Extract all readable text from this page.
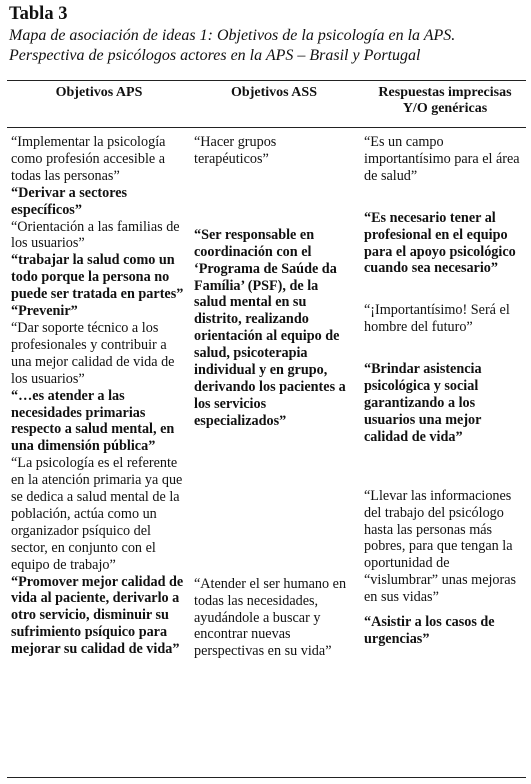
Tabla 3
Mapa de asociación de ideas 1: Objetivos de la psicología en la APS.
Perspectiva de psicólogos actores en la APS – Brasil y Portugal
Objetivos APS	Objetivos ASS	Respuestas imprecisas
Y/O genéricas

“Implementar la psicología como profesión accesible a todas las personas”

“Derivar a sectores específicos”

“Orientación a las familias de los usuarios”

“trabajar la salud como un todo porque la persona no puede ser tratada en partes”

“Prevenir”

“Dar soporte técnico a los profesionales y contribuir a una mejor calidad de vida de los usuarios”

“…es atender a las necesidades primarias respecto a salud mental, en una dimensión pública”

“La psicología es el referente en la atención primaria ya que se dedica a salud mental de la población, actúa como un organizador psíquico del sector, en conjunto con el equipo de trabajo”

“Promover mejor calidad de vida al paciente, derivarlo a otro servicio, disminuir su sufrimiento psíquico para mejorar su calidad de vida”

“Hacer grupos terapéuticos”

“Ser responsable en coordinación con el ‘Programa de Saúde da Família’ (PSF), de la salud mental en su distrito, realizando orientación al equipo de salud, psicoterapia individual y en grupo, derivando los pacientes a los servicios especializados”

“Atender el ser humano en todas las necesidades, ayudándole a buscar y encontrar nuevas perspectivas en su vida”

“Es un campo importantísimo para el área de salud”

“Es necesario tener al profesional en el equipo para el apoyo psicológico cuando sea necesario”

“¡Importantísimo! Será el hombre del futuro”

“Brindar asistencia psicológica y social garantizando a los usuarios una mejor calidad de vida”

“Llevar las informaciones del trabajo del psicólogo hasta las personas más pobres, para que tengan la oportunidad de “vislumbrar” unas mejoras en sus vidas”

“Asistir a los casos de urgencias”
